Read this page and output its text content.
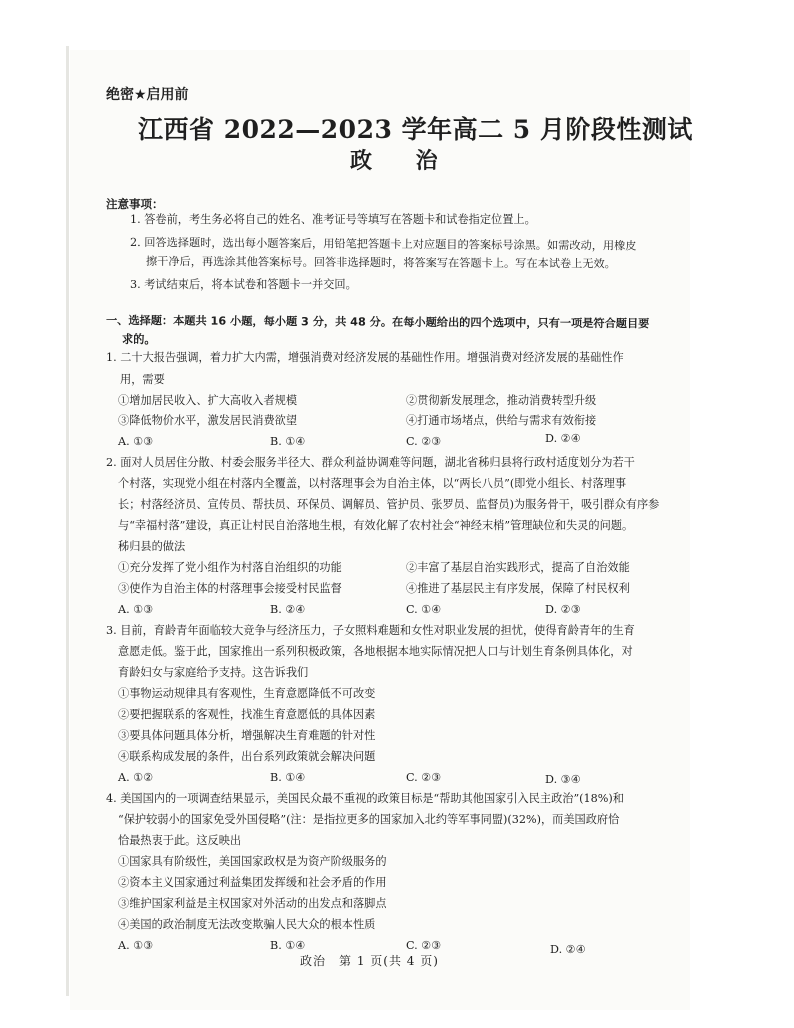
绝密★启用前
江西省 2022—2023 学年高二 5 月阶段性测试
政 治
注意事项：
1. 答卷前，考生务必将自己的姓名、准考证号等填写在答题卡和试卷指定位置上。
2. 回答选择题时，选出每小题答案后，用铅笔把答题卡上对应题目的答案标号涂黑。如需改动，用橡皮
擦干净后，再选涂其他答案标号。回答非选择题时，将答案写在答题卡上。写在本试卷上无效。
3. 考试结束后，将本试卷和答题卡一并交回。
一、选择题：本题共 16 小题，每小题 3 分，共 48 分。在每小题给出的四个选项中，只有一项是符合题目要
求的。
1. 二十大报告强调，着力扩大内需，增强消费对经济发展的基础性作用。增强消费对经济发展的基础性作
用，需要
①增加居民收入、扩大高收入者规模	②贯彻新发展理念，推动消费转型升级
③降低物价水平，激发居民消费欲望	④打通市场堵点，供给与需求有效衔接
A. ①③	B. ①④	C. ②③	D. ②④
2. 面对人员居住分散、村委会服务半径大、群众利益协调难等问题，湖北省秭归县将行政村适度划分为若干
个村落，实现党小组在村落内全覆盖，以村落理事会为自治主体，以“两长八员”(即党小组长、村落理事
长；村落经济员、宣传员、帮扶员、环保员、调解员、管护员、张罗员、监督员)为服务骨干，吸引群众有序参
与“幸福村落”建设，真正让村民自治落地生根，有效化解了农村社会“神经末梢”管理缺位和失灵的问题。
秭归县的做法
①充分发挥了党小组作为村落自治组织的功能	②丰富了基层自治实践形式，提高了自治效能
③使作为自治主体的村落理事会接受村民监督	④推进了基层民主有序发展，保障了村民权利
A. ①③	B. ②④	C. ①④	D. ②③
3. 目前，育龄青年面临较大竞争与经济压力，子女照料难题和女性对职业发展的担忧，使得育龄青年的生育
意愿走低。鉴于此，国家推出一系列积极政策，各地根据本地实际情况把人口与计划生育条例具体化，对
育龄妇女与家庭给予支持。这告诉我们
①事物运动规律具有客观性，生育意愿降低不可改变
②要把握联系的客观性，找准生育意愿低的具体因素
③要具体问题具体分析，增强解决生育难题的针对性
④联系构成发展的条件，出台系列政策就会解决问题
A. ①②	B. ①④	C. ②③	D. ③④
4. 美国国内的一项调查结果显示，美国民众最不重视的政策目标是“帮助其他国家引入民主政治”(18%)和
“保护较弱小的国家免受外国侵略”(注：是指拉更多的国家加入北约等军事同盟)(32%)，而美国政府恰
恰最热衷于此。这反映出
①国家具有阶级性，美国国家政权是为资产阶级服务的
②资本主义国家通过利益集团发挥缓和社会矛盾的作用
③维护国家利益是主权国家对外活动的出发点和落脚点
④美国的政治制度无法改变欺骗人民大众的根本性质
A. ①③	B. ①④	C. ②③	D. ②④
政治　第 1 页(共 4 页)
